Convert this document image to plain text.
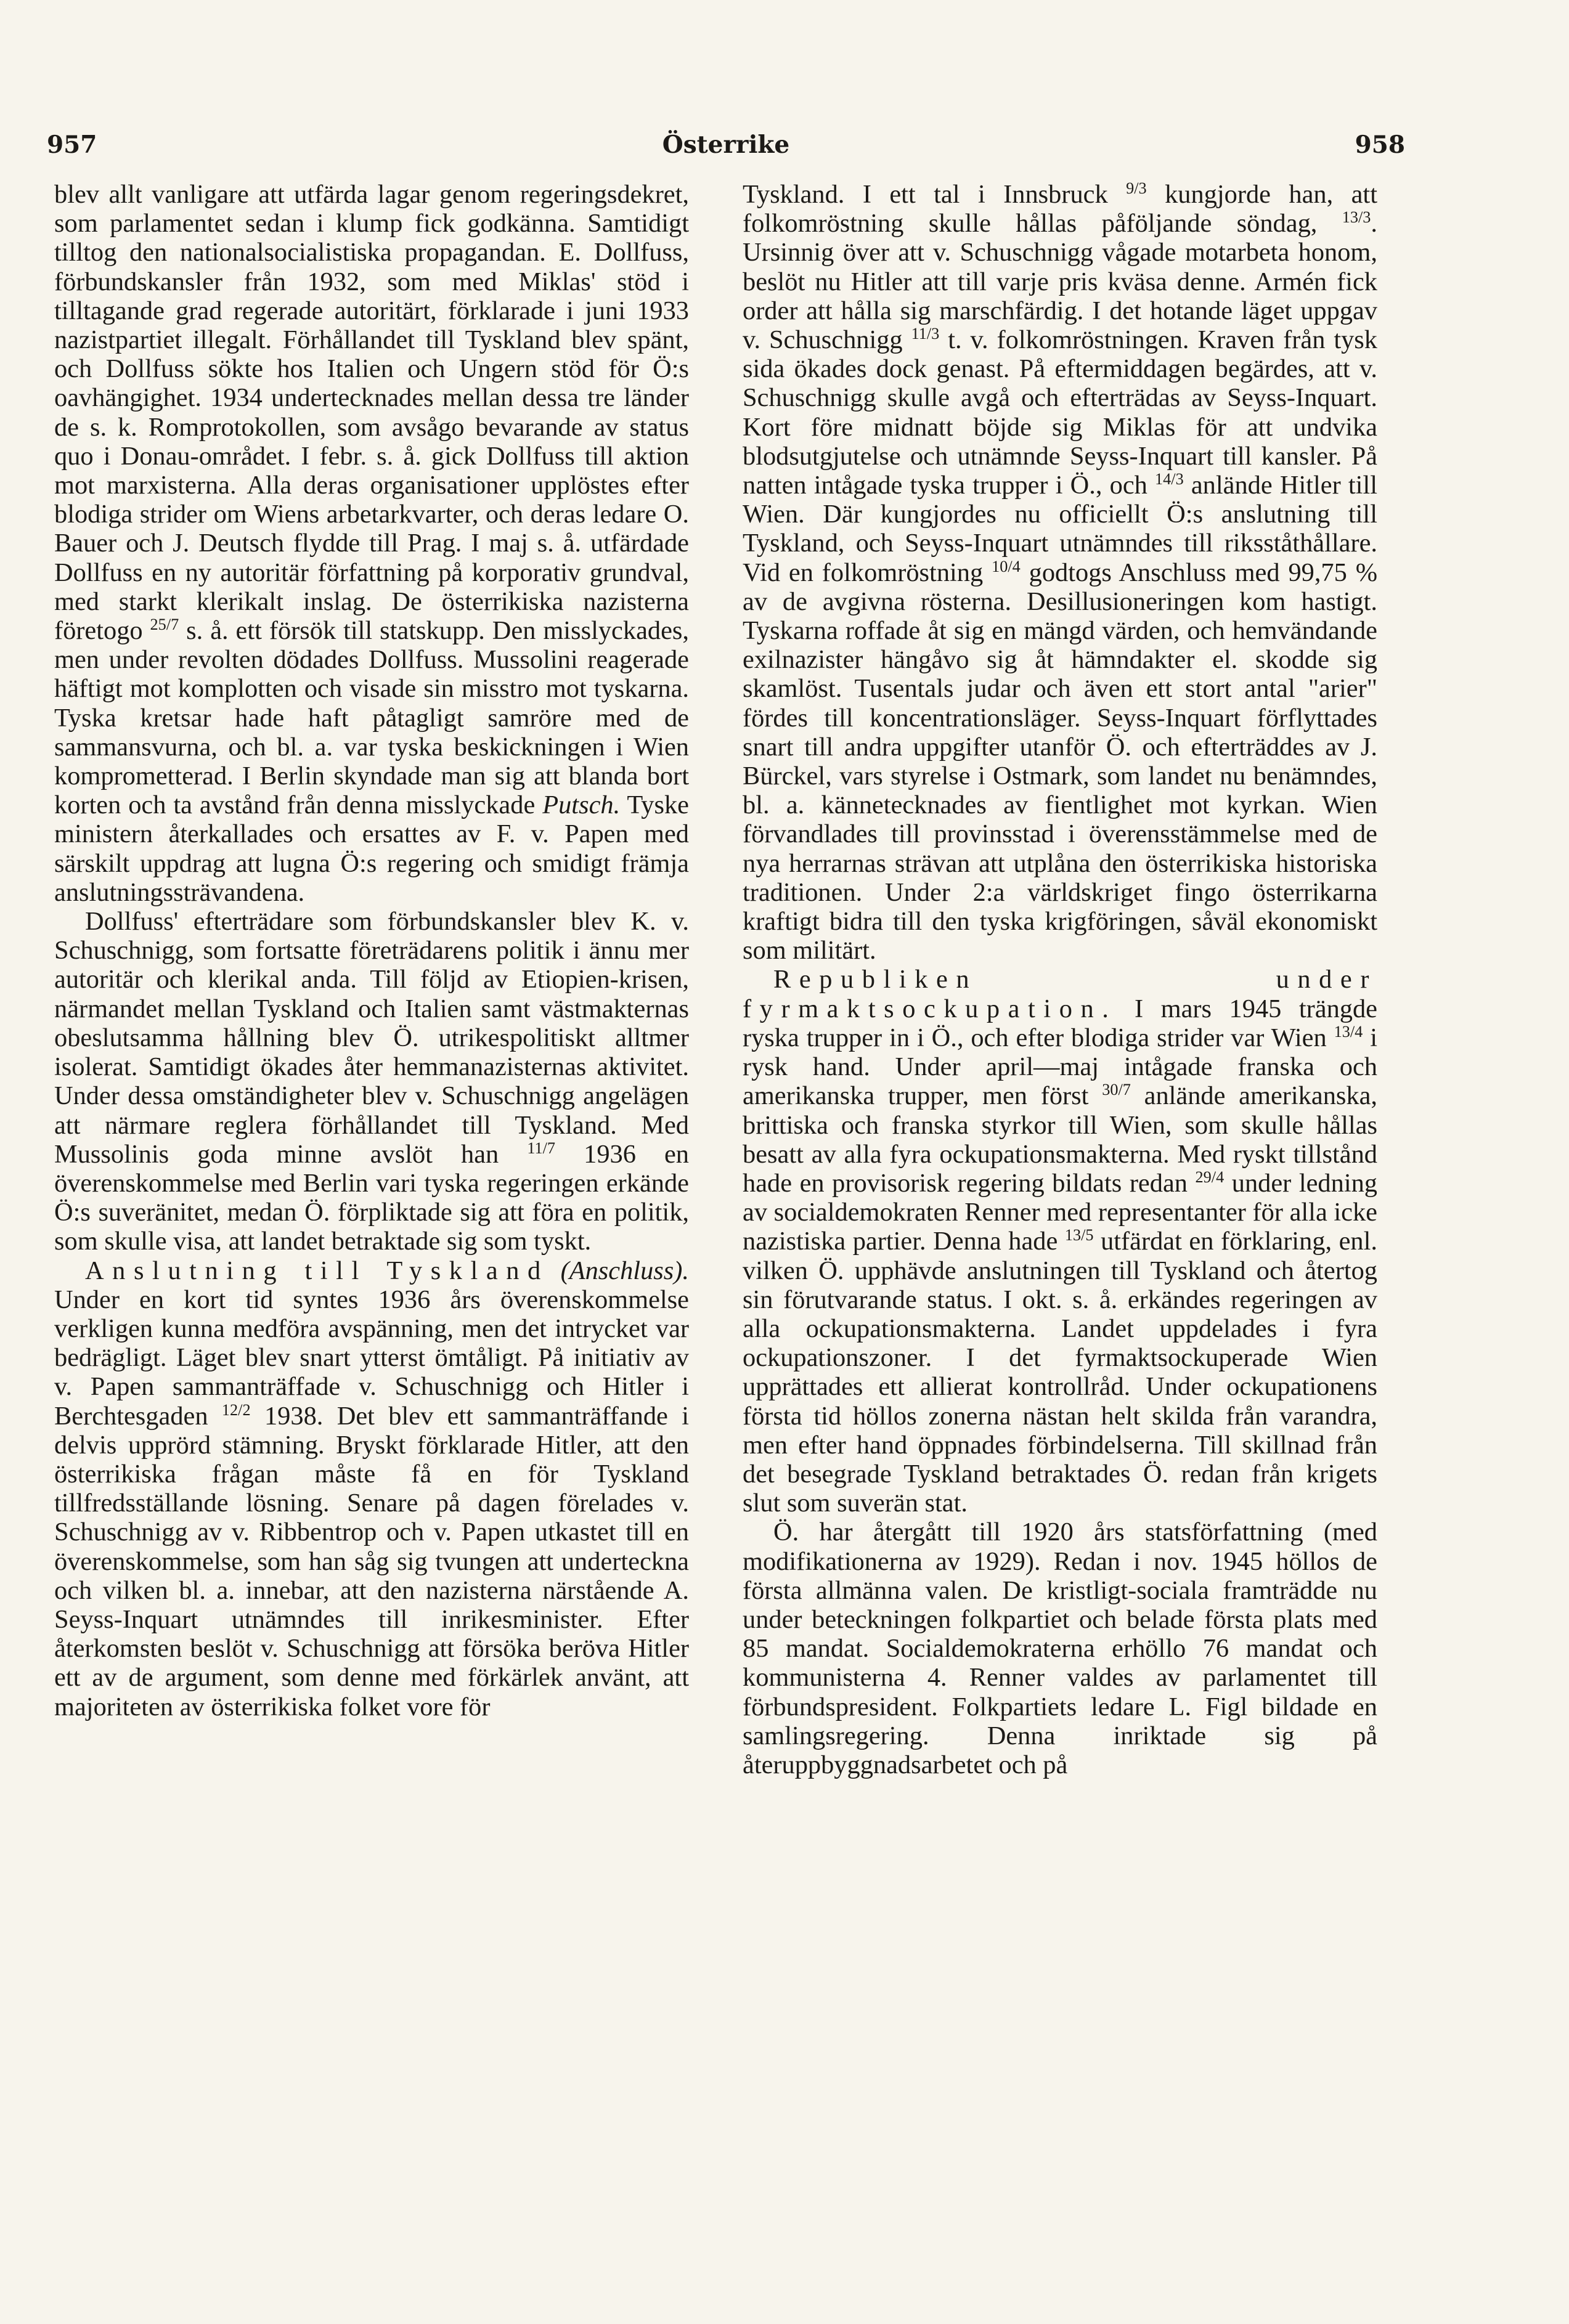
957	Österrike	958

blev allt vanligare att utfärda lagar genom regeringsdekret, som parlamentet sedan i klump fick godkänna. Samtidigt tilltog den nationalsocialistiska propagandan. E. Dollfuss, förbundskansler från 1932, som med Miklas' stöd i tilltagande grad regerade autoritärt, förklarade i juni 1933 nazistpartiet illegalt. Förhållandet till Tyskland blev spänt, och Dollfuss sökte hos Italien och Ungern stöd för Ö:s oavhängighet. 1934 undertecknades mellan dessa tre länder de s. k. Romprotokollen, som avsågo bevarande av status quo i Donau-området. I febr. s. å. gick Dollfuss till aktion mot marxisterna. Alla deras organisationer upplöstes efter blodiga strider om Wiens arbetarkvarter, och deras ledare O. Bauer och J. Deutsch flydde till Prag. I maj s. å. utfärdade Dollfuss en ny autoritär författning på korporativ grundval, med starkt klerikalt inslag. De österrikiska nazisterna företogo $^{25/7}$ s. å. ett försök till statskupp. Den misslyckades, men under revolten dödades Dollfuss. Mussolini reagerade häftigt mot komplotten och visade sin misstro mot tyskarna. Tyska kretsar hade haft påtagligt samröre med de sammansvurna, och bl. a. var tyska beskickningen i Wien komprometterad. I Berlin skyndade man sig att blanda bort korten och ta avstånd från denna misslyckade Putsch. Tyske ministern återkallades och ersattes av F. v. Papen med särskilt uppdrag att lugna Ö:s regering och smidigt främja anslutningssträvandena.

Dollfuss' efterträdare som förbundskansler blev K. v. Schuschnigg, som fortsatte företrädarens politik i ännu mer autoritär och klerikal anda. Till följd av Etiopien-krisen, närmandet mellan Tyskland och Italien samt västmakternas obeslutsamma hållning blev Ö. utrikespolitiskt alltmer isolerat. Samtidigt ökades åter hemmanazisternas aktivitet. Under dessa omständigheter blev v. Schuschnigg angelägen att närmare reglera förhållandet till Tyskland. Med Mussolinis goda minne avslöt han $^{11/7}$ 1936 en överenskommelse med Berlin vari tyska regeringen erkände Ö:s suveränitet, medan Ö. förpliktade sig att föra en politik, som skulle visa, att landet betraktade sig som tyskt.

Anslutning till Tyskland (Anschluss). Under en kort tid syntes 1936 års överenskommelse verkligen kunna medföra avspänning, men det intrycket var bedrägligt. Läget blev snart ytterst ömtåligt. På initiativ av v. Papen sammanträffade v. Schuschnigg och Hitler i Berchtesgaden $^{12/2}$ 1938. Det blev ett sammanträffande i delvis upprörd stämning. Bryskt förklarade Hitler, att den österrikiska frågan måste få en för Tyskland tillfredsställande lösning. Senare på dagen förelades v. Schuschnigg av v. Ribbentrop och v. Papen utkastet till en överenskommelse, som han såg sig tvungen att underteckna och vilken bl. a. innebar, att den nazisterna närstående A. Seyss-Inquart utnämndes till inrikesminister. Efter återkomsten beslöt v. Schuschnigg att försöka beröva Hitler ett av de argument, som denne med förkärlek använt, att majoriteten av österrikiska folket vore för

Tyskland. I ett tal i Innsbruck $^{9/3}$ kungjorde han, att folkomröstning skulle hållas påföljande söndag, $^{13/3}$. Ursinnig över att v. Schuschnigg vågade motarbeta honom, beslöt nu Hitler att till varje pris kväsa denne. Armén fick order att hålla sig marschfärdig. I det hotande läget uppgav v. Schuschnigg $^{11/3}$ t. v. folkomröstningen. Kraven från tysk sida ökades dock genast. På eftermiddagen begärdes, att v. Schuschnigg skulle avgå och efterträdas av Seyss-Inquart. Kort före midnatt böjde sig Miklas för att undvika blodsutgjutelse och utnämnde Seyss-Inquart till kansler. På natten intågade tyska trupper i Ö., och $^{14/3}$ anlände Hitler till Wien. Där kungjordes nu officiellt Ö:s anslutning till Tyskland, och Seyss-Inquart utnämndes till riksståthållare. Vid en folkomröstning $^{10/4}$ godtogs Anschluss med 99,75 % av de avgivna rösterna. Desillusioneringen kom hastigt. Tyskarna roffade åt sig en mängd värden, och hemvändande exilnazister hängåvo sig åt hämndakter el. skodde sig skamlöst. Tusentals judar och även ett stort antal "arier" fördes till koncentrationsläger. Seyss-Inquart förflyttades snart till andra uppgifter utanför Ö. och efterträddes av J. Bürckel, vars styrelse i Ostmark, som landet nu benämndes, bl. a. kännetecknades av fientlighet mot kyrkan. Wien förvandlades till provinsstad i överensstämmelse med de nya herrarnas strävan att utplåna den österrikiska historiska traditionen. Under 2:a världskriget fingo österrikarna kraftigt bidra till den tyska krigföringen, såväl ekonomiskt som militärt.

Republiken under fyrmaktsockupation. I mars 1945 trängde ryska trupper in i Ö., och efter blodiga strider var Wien $^{13/4}$ i rysk hand. Under april—maj intågade franska och amerikanska trupper, men först $^{30/7}$ anlände amerikanska, brittiska och franska styrkor till Wien, som skulle hållas besatt av alla fyra ockupationsmakterna. Med ryskt tillstånd hade en provisorisk regering bildats redan $^{29/4}$ under ledning av socialdemokraten Renner med representanter för alla icke nazistiska partier. Denna hade $^{13/5}$ utfärdat en förklaring, enl. vilken Ö. upphävde anslutningen till Tyskland och återtog sin förutvarande status. I okt. s. å. erkändes regeringen av alla ockupationsmakterna. Landet uppdelades i fyra ockupationszoner. I det fyrmaktsockuperade Wien upprättades ett allierat kontrollråd. Under ockupationens första tid höllos zonerna nästan helt skilda från varandra, men efter hand öppnades förbindelserna. Till skillnad från det besegrade Tyskland betraktades Ö. redan från krigets slut som suverän stat.

Ö. har återgått till 1920 års statsförfattning (med modifikationerna av 1929). Redan i nov. 1945 höllos de första allmänna valen. De kristligt-sociala framträdde nu under beteckningen folkpartiet och belade första plats med 85 mandat. Socialdemokraterna erhöllo 76 mandat och kommunisterna 4. Renner valdes av parlamentet till förbundspresident. Folkpartiets ledare L. Figl bildade en samlingsregering. Denna inriktade sig på återuppbyggnadsarbetet och på
